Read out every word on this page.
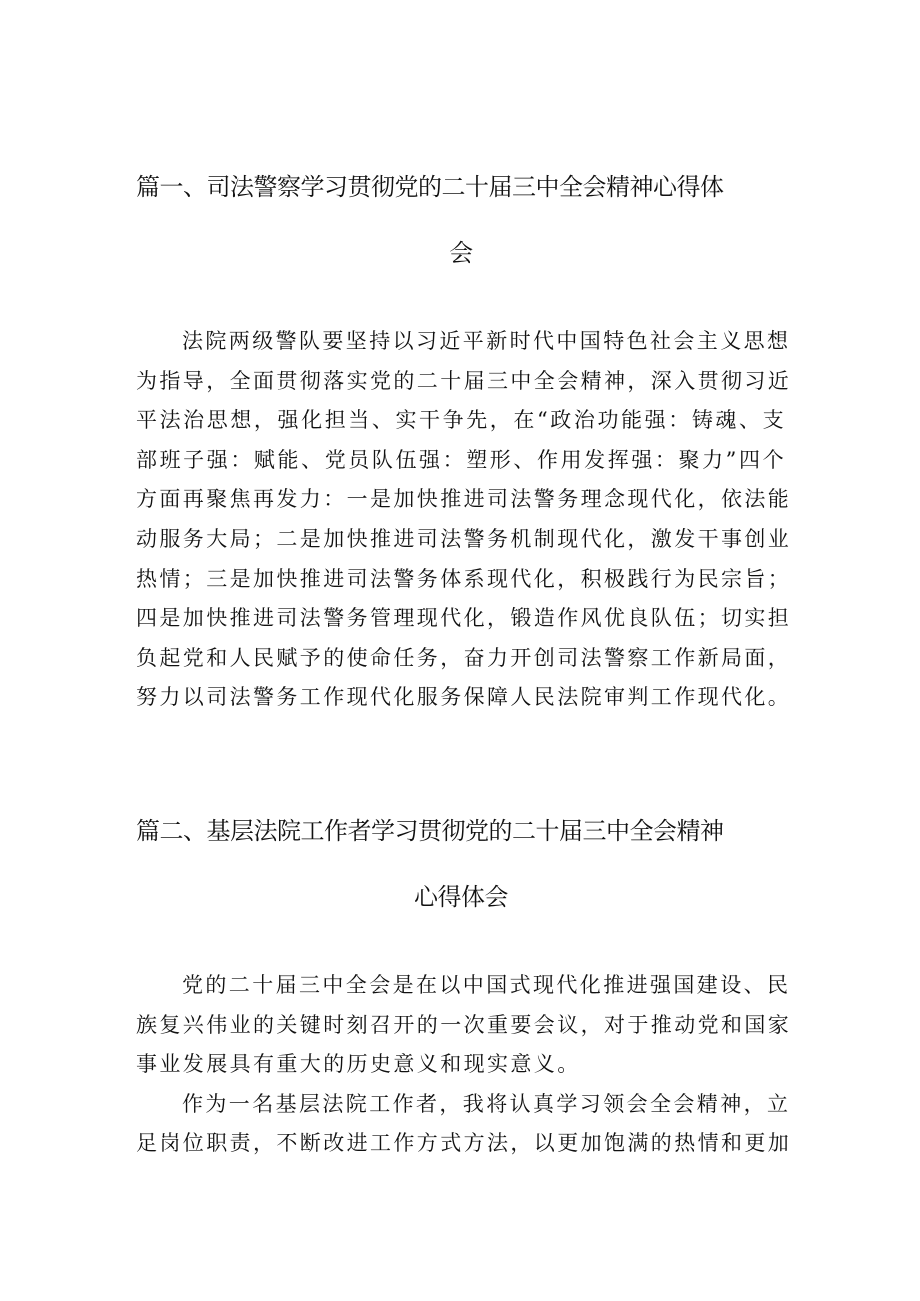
篇一、司法警察学习贯彻党的二十届三中全会精神心得体
会
法院两级警队要坚持以习近平新时代中国特色社会主义思想
为指导，全面贯彻落实党的二十届三中全会精神，深入贯彻习近
平法治思想，强化担当、实干争先，在“政治功能强：铸魂、支
部班子强：赋能、党员队伍强：塑形、作用发挥强：聚力”四个
方面再聚焦再发力：一是加快推进司法警务理念现代化，依法能
动服务大局；二是加快推进司法警务机制现代化，激发干事创业
热情；三是加快推进司法警务体系现代化，积极践行为民宗旨；
四是加快推进司法警务管理现代化，锻造作风优良队伍；切实担
负起党和人民赋予的使命任务，奋力开创司法警察工作新局面，
努力以司法警务工作现代化服务保障人民法院审判工作现代化。
篇二、基层法院工作者学习贯彻党的二十届三中全会精神
心得体会
党的二十届三中全会是在以中国式现代化推进强国建设、民
族复兴伟业的关键时刻召开的一次重要会议，对于推动党和国家
事业发展具有重大的历史意义和现实意义。
作为一名基层法院工作者，我将认真学习领会全会精神，立
足岗位职责，不断改进工作方式方法，以更加饱满的热情和更加
